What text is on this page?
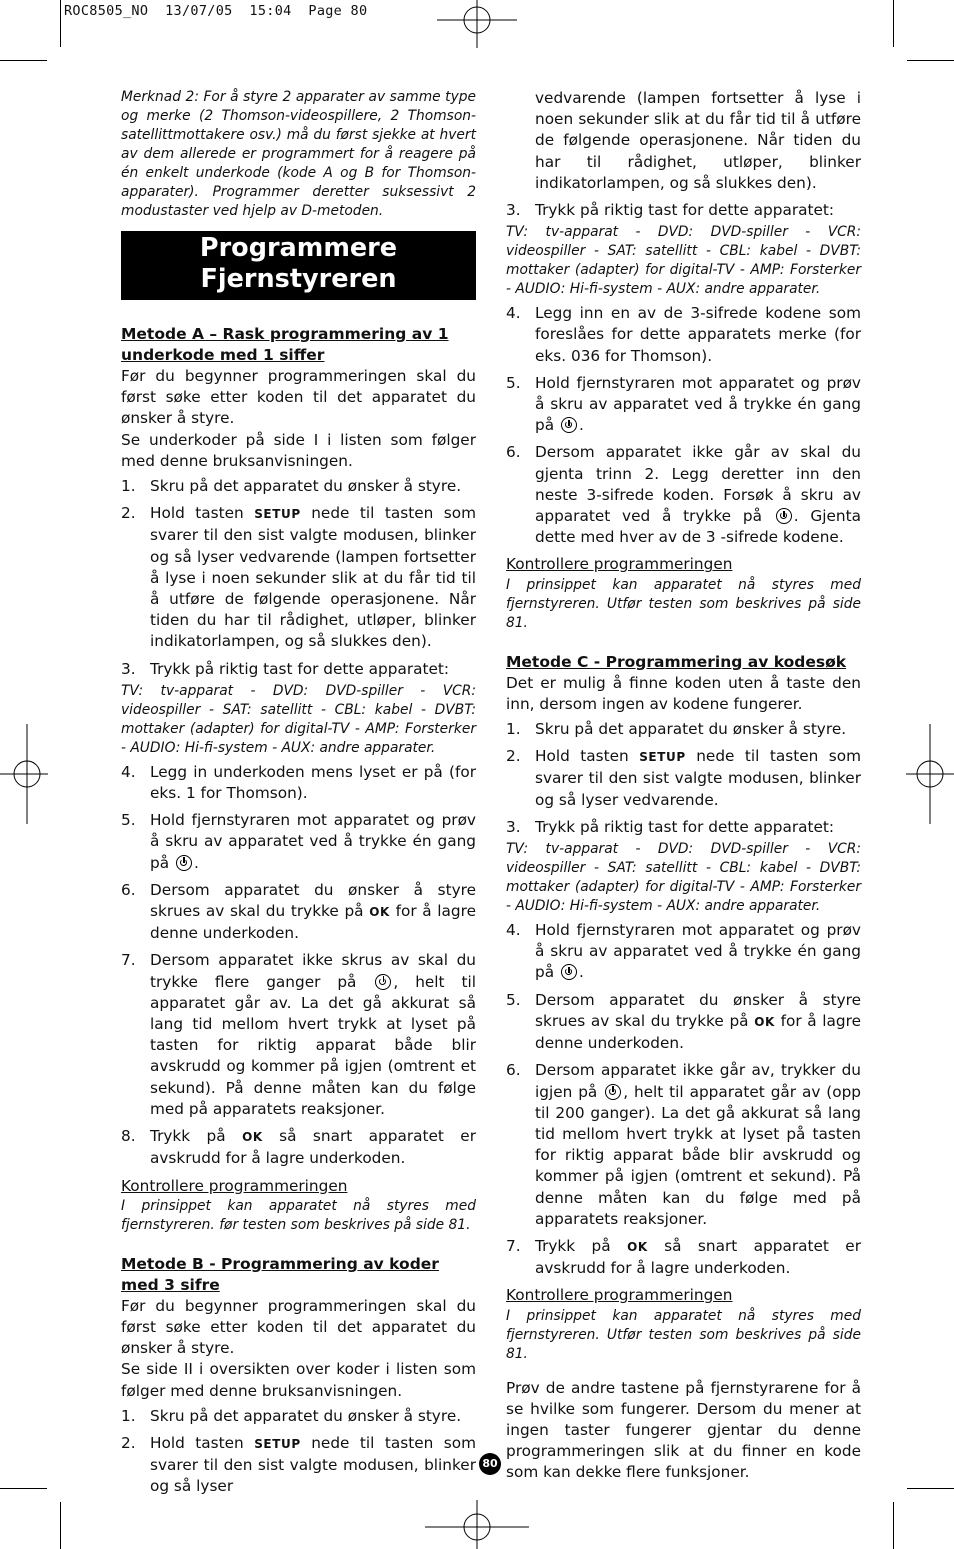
ROC8505_NO  13/07/05  15:04  Page 80

Merknad 2: For å styre 2 apparater av samme type og merke (2 Thomson-videospillere, 2 Thomson-satellittmottakere osv.) må du først sjekke at hvert av dem allerede er programmert for å reagere på én enkelt underkode (kode A og B for Thomson-apparater). Programmer deretter suksessivt 2 modustaster ved hjelp av D-metoden.

Programmere
Fjernstyreren

Metode A – Rask programmering av 1 underkode med 1 siffer

Før du begynner programmeringen skal du først søke etter koden til det apparatet du ønsker å styre.

Se underkoder på side I i listen som følger med denne bruksanvisningen.

1. Skru på det apparatet du ønsker å styre.
2. Hold tasten SETUP nede til tasten som svarer til den sist valgte modusen, blinker og så lyser vedvarende (lampen fortsetter å lyse i noen sekunder slik at du får tid til å utføre de følgende operasjonene. Når tiden du har til rådighet, utløper, blinker indikatorlampen, og så slukkes den).
3. Trykk på riktig tast for dette apparatet:

TV: tv-apparat - DVD: DVD-spiller - VCR: videospiller - SAT: satellitt - CBL: kabel - DVBT: mottaker (adapter) for digital-TV - AMP: Forsterker - AUDIO: Hi-fi-system - AUX: andre apparater.

4. Legg in underkoden mens lyset er på (for eks. 1 for Thomson).
5. Hold fjernstyraren mot apparatet og prøv å skru av apparatet ved å trykke én gang på .
6. Dersom apparatet du ønsker å styre skrues av skal du trykke på OK for å lagre denne underkoden.
7. Dersom apparatet ikke skrus av skal du trykke flere ganger på , helt til apparatet går av. La det gå akkurat så lang tid mellom hvert trykk at lyset på tasten for riktig apparat både blir avskrudd og kommer på igjen (omtrent et sekund). På denne måten kan du følge med på apparatets reaksjoner.
8. Trykk på OK så snart apparatet er avskrudd for å lagre underkoden.

Kontrollere programmeringen

I prinsippet kan apparatet nå styres med fjernstyreren. før testen som beskrives på side 81.

Metode B - Programmering av koder med 3 sifre

Før du begynner programmeringen skal du først søke etter koden til det apparatet du ønsker å styre.

Se side II i oversikten over koder i listen som følger med denne bruksanvisningen.

1. Skru på det apparatet du ønsker å styre.
2. Hold tasten SETUP nede til tasten som svarer til den sist valgte modusen, blinker og så lyser

vedvarende (lampen fortsetter å lyse i noen sekunder slik at du får tid til å utføre de følgende operasjonene. Når tiden du har til rådighet, utløper, blinker indikatorlampen, og så slukkes den).

3. Trykk på riktig tast for dette apparatet:

TV: tv-apparat - DVD: DVD-spiller - VCR: videospiller - SAT: satellitt - CBL: kabel - DVBT: mottaker (adapter) for digital-TV - AMP: Forsterker - AUDIO: Hi-fi-system - AUX: andre apparater.

4. Legg inn en av de 3-sifrede kodene som foreslåes for dette apparatets merke (for eks. 036 for Thomson).
5. Hold fjernstyraren mot apparatet og prøv å skru av apparatet ved å trykke én gang på .
6. Dersom apparatet ikke går av skal du gjenta trinn 2. Legg deretter inn den neste 3-sifrede koden. Forsøk å skru av apparatet ved å trykke på . Gjenta dette med hver av de 3 -sifrede kodene.

Kontrollere programmeringen

I prinsippet kan apparatet nå styres med fjernstyreren. Utfør testen som beskrives på side 81.

Metode C - Programmering av kodesøk

Det er mulig å finne koden uten å taste den inn, dersom ingen av kodene fungerer.

1. Skru på det apparatet du ønsker å styre.
2. Hold tasten SETUP nede til tasten som svarer til den sist valgte modusen, blinker og så lyser vedvarende.
3. Trykk på riktig tast for dette apparatet:

TV: tv-apparat - DVD: DVD-spiller - VCR: videospiller - SAT: satellitt - CBL: kabel - DVBT: mottaker (adapter) for digital-TV - AMP: Forsterker - AUDIO: Hi-fi-system - AUX: andre apparater.

4. Hold fjernstyraren mot apparatet og prøv å skru av apparatet ved å trykke én gang på .
5. Dersom apparatet du ønsker å styre skrues av skal du trykke på OK for å lagre denne underkoden.
6. Dersom apparatet ikke går av, trykker du igjen på , helt til apparatet går av (opp til 200 ganger). La det gå akkurat så lang tid mellom hvert trykk at lyset på tasten for riktig apparat både blir avskrudd og kommer på igjen (omtrent et sekund). På denne måten kan du følge med på apparatets reaksjoner.
7. Trykk på OK så snart apparatet er avskrudd for å lagre underkoden.

Kontrollere programmeringen

I prinsippet kan apparatet nå styres med fjernstyreren. Utfør testen som beskrives på side 81.

Prøv de andre tastene på fjernstyrarene for å se hvilke som fungerer. Dersom du mener at ingen taster fungerer gjentar du denne programmeringen slik at du finner en kode som kan dekke flere funksjoner.

80
